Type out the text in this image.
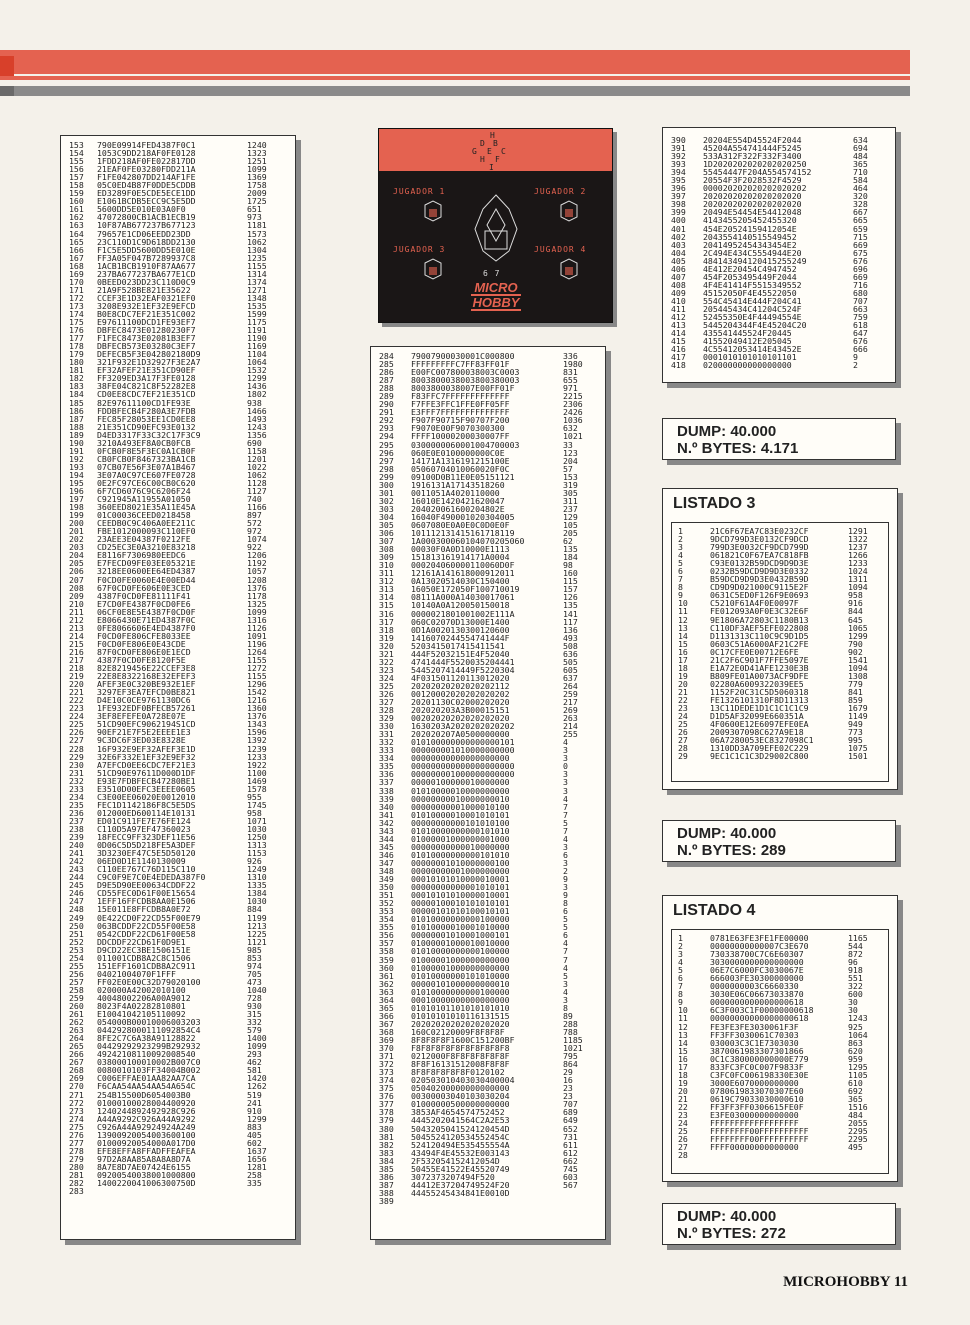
153	790E09914FED4387F0C1	1240
154	1053C9DD218AF0FE0128	1323
155	1FDD218AF0FE022817DD	1251
156	21EAF0FE03280FDD211A	1099
157	F1FE042807DD214AF1FE	1369
158	05C0ED4B87F0DDE5CDDB	1758
159	ED3289F0E5CDE5ECE1DD	2009
160	E1061BCDB5ECC9C5E5DD	1725
161	5600DD5E010E03A0F0	651
162	47072800CB1ACB1ECB19	973
163	10F87AB677237B677123	1181
164	79657E1CD06EEDD23DD	1573
165	23C110D1C9D618DD2130	1062
166	F1C5E5DD5600DD5E010E	1304
167	FF3A05F047B7289937C8	1235
168	1ACB1BCB1910F87AA677	1155
169	237BA677237BA677E1CD	1314
170	0BEED023DD23C110D0C9	1374
171	21A9F528BE821E35622	1271
172	CCEF3E1D32EAF0321EF0	1348
173	3208E932E1EF32E9EFCD	1535
174	B0E8CDC7EF21E351C002	1599
175	E97611100DCD1FE93EF7	1175
176	DBFEC8473E01280230F7	1191
177	F1FEC8473E02081B3EF7	1190
178	DBFECB573E03280C3EF7	1169
179	DEFECB5F3E042802180D9	1104
180	321F932E1D32927F3E2A7	1064
181	EF32AFEF21E351CD90EF	1532
182	FF3209ED3A17F3FE0128	1299
183	38FE04C821C8F52282E8	1436
184	CD0EE8CDC7EF21E351CD	1802
185	82E97611100CD1FE93E	938
186	FDDBFECB4F280A3E7FDB	1466
187	FEC85F28053EE1CD0EE8	1493
188	21E351CD90EFC93E0132	1243
189	D4ED3317F33C32C17F3C9	1356
190	3210A493EF8A0CB0FCB	690
191	0FCB0F8E5F3EC0A1CB0F	1158
192	CB0FCB0F8467323BA1CB	1201
193	07CB07E56F3E07A1B467	1022
194	3E07A0C97CE607FE0728	1062
195	0E2FC97CE6C00CB0C620	1128
196	6F7CD6076C9C6206F24	1127
197	C921945A11955A01050	740
198	360EED8021E35A11E45A	1166
199	01C00036CEED0218458	897
200	CEEDB0C9C406A0EE211C	572
201	FBE1012000093C110EF0	972
202	23AEE3E04387F0212FE	1074
203	CD25EC3E0A3210E83218	922
204	E8116F7306980EEDC6	1206
205	E7FECD09FE03EE05321E	1192
206	3218EE0600EE64ED4387	1057
207	F0CD0FE0060E4E00ED44	1208
208	67F0CD0FE606E0E3CED	1376
209	4387F0CD0FE81111F41	1178
210	E7CD0FE4387F0CD0FE6	1325
211	06CF0E8E5E4387F0CD0F	1099
212	E8066430E71ED4387F0C	1316
213	0FE8066606E4ED4387F0	1126
214	F0CD0FE806CFE8033EE	1091
215	F0CD0FE806E0E43CDE	1196
216	87F0CD0FE806E0E1ECD	1264
217	4387F0CD0FE8120F5E	1155
218	82E8219456E22CCEF3E8	1272
219	22E8E8322168E32EFEF3	1155
220	AFEF3E0C320BE932E1EF	1296
221	3297EF3EA7EFCD0BE821	1542
222	D4E10C0CE9761130DC6	1216
223	1FE932EDF0BFECB57261	1360
224	3EF8EFEFE0A728E07E	1376
225	51CD90EFC9062194S1CD	1343
226	90EF21E7F5E2EEEE1E3	1596
227	9C3DC6F3ED03E8328E	1392
228	16F932E9EF32AFEF3E1D	1239
229	32E6F332E1EF32E9EF32	1233
230	A7EFCD0EE6CDC7EF21E3	1922
231	51CD90E97611D000D1DF	1100
232	E93E7FDBFECB47280BE1	1469
233	E3510D00EFC3EEEE0605	1578
234	C3E00EE06020E0012010	955
235	FEC1D1142186F8C5E5DS	1745
236	012000ED600114E10131	958
237	ED01C911FE7E76FE124	1071
238	C110D5A97EF47360023	1030
239	18FECC9FF323DEF11E56	1250
240	0D06C5D5D218FE5A3DEF	1313
241	3D3230EF47C5E5D50120	1153
242	06ED0D1E1140130009	926
243	C110EE767C76D115C110	1249
244	C9C0F9E7C0E4EDEDA387F0	1310
245	D9E5D90EE00634CDDF22	1335
246	CD55FEC0D61F00E15654	1384
247	1EFF16FFCDB8AA0E1506	1030
248	15E011E8FFCDB8A0E72	884
249	0E422CD0F22CD55F00E79	1199
250	063BCDDF22CD55F00E58	1213
251	0542CDDF22CD61F00E58	1225
252	DDCDDF22CD61F0D9E1	1121
253	D9CD22EC3BE1506151E	985
254	011001CDB8A2C8C1506	853
255	151EFF1601CDB8A2C911	974
256	04021004070F1FFF	705
257	FF02E0E00C32D79020100	473
258	020000A42002010100	1040
259	40048002206A00A9012	728
260	8023F4A02282810801	930
261	E10041042105110092	315
262	054000B00010006003203	332
263	0442928000111092854C4	579
264	8FE2C7C6A38A91128822	1400
265	04429292923299B292932	1099
266	49242108110092008540	293
267	038000100010002B007C0	462
268	0080010103FF34004B002	581
269	C006EFFAE01AA82AA7CA	1420
270	F6CAA54AA54AA54A654C	1262
271	254B15500D6054003B0	519
272	01000100028004400920	241
273	1240244892492928C926	910
274	A44A9292C926A44A9292	1299
275	C926A44A92924924A249	883
276	13900920054003600100	405
277	01000920054000A017D0	602
278	EFE8EFFA8FFADFFEAFEA	1637
279	97D2A8AA85A8A8A8D7A	1656
280	8A7E8D7AE07424E6155	1281
281	09200540038001000800	258
282	1400220041006300750D	335
283
H
D B
G E C
H F
I
JUGADOR 1	JUGADOR 2
JUGADOR 3	JUGADOR 4
6 7
MICRO
HOBBY
284	79007900030001C000800	336
285	FFFFFFFFFC7FF83FF01F	1980
286	E00FC007800038003C0003	831
287	8003800038003800380003	655
288	8003800038007E00FF01F	971
289	F83FFC7FFFFFFFFFFFFF	2215
290	F7FFE3FFC1FFE0FF05FF	2306
291	E3FFF7FFFFFFFFFFFFFF	2426
292	F907F90715F90707F200	1036
293	F9070E00F9070300300	632
294	FFFF10000200030007FF	1021
295	0300000060001004700003	33
296	060E0E0100000000C0E	123
297	14171A1316191215100E	204
298	05060704010060020F0C	57
299	09100D0B11E0E05151121	153
300	1916131A17143518260	319
301	0011051A4020110000	305
302	16010E1420421620047	311
303	204020061600204802E	237
304	16040F490001020304005	129
305	0607080E0A0E0C0D0E0F	105
306	101112131415161718119	205
307	1A000300060104070205060	62
308	00030F0A0D10000E1113	135
309	151813161914171A0004	184
310	000204060000110060D0F	98
311	12161A141618000912011	160
312	0A13020514030C150400	115
313	16050E172050F100710019	157
314	08111A000A14030017061	126
315	10140A0A120050150018	135
316	0000021801001002E111A	141
317	060C02070D13000E1400	117
318	0D1A0020130300120600	136
319	1416070244554741444F	493
320	5203415017415411541	508
321	444F52032151E4F52040	636
322	4741444F5520035204441	505
323	5445207414449F5220304	605
324	4F031501120113012020	637
325	20202020202020202112	264
326	00120002020202020202	259
327	20201130C02000202020	217
328	202020203A3B00015151	269
329	00202020202020202020	263
330	1630203A2020202020202	214
331	202020207A0500000000	255
332	010100000000000000101	4
333	000000001010000000000	3
334	00000000000000000000	3
335	000000000000000000000	0
336	000000001000000000000	3
337	00000100000010000000	3
338	01010000010000000000	3
339	00000000010000000010	4
340	00000000001000010100	7
341	01010000010001010101	7
342	00000000000101010100	5
343	01010000000000101010	7
344	01000001000000001000	4
345	00000000000010000000	3
346	01010000000000101010	6
347	00000001010000000100	3
348	00000000001000000000	2
349	00010101010000010001	9
350	00000000000001010101	3
351	00010101010000010001	9
352	00000100010101010101	8
353	00000101010100010101	6
354	01010000000000100000	5
355	01010000010001010000	5
356	00000001010001000101	6
357	01000001000010010000	4
358	01010000000000100000	7
359	01000001000000000000	7
360	01000001000000000000	4
361	01010000000101010000	5
362	00000101000000000010	3
363	01010000000000100000	4
364	00010000000000000000	3
365	01010101101010101010	8
366	01010101010116131515	89
367	20202020202020202020	288
368	160C02120009F8F8F8F	788
369	8F8F8F8F1600C151200BF	1185
370	F8F8F8F8F8F8F8F8F8F8	1021
371	0212000F8F8F8F8F8F8F	795
372	8F8F16131512008F8F8F	864
373	8F8F8F8F8F8F0120102	29
374	020503010403030400004	16
375	05040200000000000000	23
376	00300003040103030204	23
377	01000000500000000000	707
378	3853AF4654574752452	689
379	4445202041564C2A2E53	649
380	5043205041524120454D	652
381	5045524120534552454C	731
382	524120494E535455554A	611
383	43494F4E45532E003143	612
384	2F532054152412054D	662
385	50455E41522E45520749	745
386	3072373207494F520	603
387	44412E37204749524F20	567
388	44455245434841E0010D
389
390	20204E554D45524F2044	634
391	45204A554741444F5245	694
392	533A312F322F332F3400	484
393	1D2020202020202020250	365
394	55454447F204A554574152	710
395	20554F3F2028532F4529	584
396	000020202020202020202	464
397	20202020202020202020	320
398	20202020202020202020	328
399	20494E54454E54412048	667
400	4143455205452455320	665
401	454E20524159412054E	659
402	2043554140515549452	715
403	20414952454343454E2	669
404	2C494E434C5554944E20	675
405	484143494120415255249	676
406	4E412E20454C4947452	696
407	454F2053495449F2044	669
408	4F4E41414F5515349552	716
409	45152050F4E45522050	680
410	554C45414E444F204C41	707
411	205445434C41204C524F	663
412	52455350E4F44494554E	759
413	5445204344F4E45204C20	618
414	435541445524F20445	647
415	41552049412E205045	676
416	4C55412053414E43452E	666
417	0001010101010101101	9
418	020000000000000000	2
DUMP: 40.000
N.º BYTES: 4.171
LISTADO 3
1	21C6F67EA7C83E0232CF	1291
2	9DCD799D3E0132CF9DCD	1322
3	799D3E0032CF9DCD799D	1237
4	061821C0F67EA7C818FB	1266
5	C93E0132B59DCD9D9D3E	1233
6	0232B59DCD9D9D3E0332	1024
7	B59DCD9D9D3E0432B59D	1311
8	CD9D9D021000C9115E2F	1094
9	0631C5ED0F126F9E0693	958
10	C5210F61A4F0E0097F	916
11	FE012093A0F0E3C32E6F	844
12	9E1806A72803C1180B13	645
13	C110DF3AEF5EFE022808	1065
14	D1131313C110C9C9D1D5	1299
15	0603C51A6000AF21C2FE	790
16	0C17CFE0E00712E6FE	902
17	21C2F6C901F7FFE5097E	1541
18	E1A72E0D41AFE1230E3B	1094
19	B809FE01A0073ACF9DFE	1308
20	02280A6009322039EE5	779
21	1152F20C31C5D5060318	841
22	FE1326101310F8D11313	859
23	13C11DEDE1D1C1C1C1C9	1679
24	D1D5AF32099E660351A	1149
25	4F0600E12E6097EFE0EA	949
26	2009307098C627A9E18	773
27	06A7280053EC8327098C1	995
28	1310DD3A709EFE02C229	1075
29	9EC1C1C1C3D29002C800	1501
DUMP: 40.000
N.º BYTES: 289
LISTADO 4
1	0781E63FE3FE1FE00000	1165
2	00000000000007C3E670	544
3	730338700C7C6E60307	872
4	3030000000000000000	96
5	06E7C6000FC3030067E	918
6	666003FE30300000000	551
7	0000000003C6660330	322
8	3030E06C06673033870	600
9	0000000000000000618	30
10	6C3F003C1F00000000618	30
11	00000000000000000618	1243
12	FE3FE3FE3030061F3F	925
13	FF3FF3030061C70303	1064
14	030003C3C1E7303030	863
15	3870061983307301866	620
16	0C1C380000000000E779	959
17	833FC3FC0C007F9833F	1295
18	C3FC0FC006198330E30E	1105
19	3000E6070000000000	610
20	0780619833070307E60	692
21	0619C79033030000610	365
22	FF3FF3FF0306615FE0F	1516
23	E3FE03000000000000	484
24	FFFFFFFFFFFFFFFFFF	2055
25	FFFFFFFF00FFFFFFFFFF	2295
26	FFFFFFFF00FFFFFFFFFF	2295
27	FFFF00000000000000	495
28
DUMP: 40.000
N.º BYTES: 272
MICROHOBBY 11
